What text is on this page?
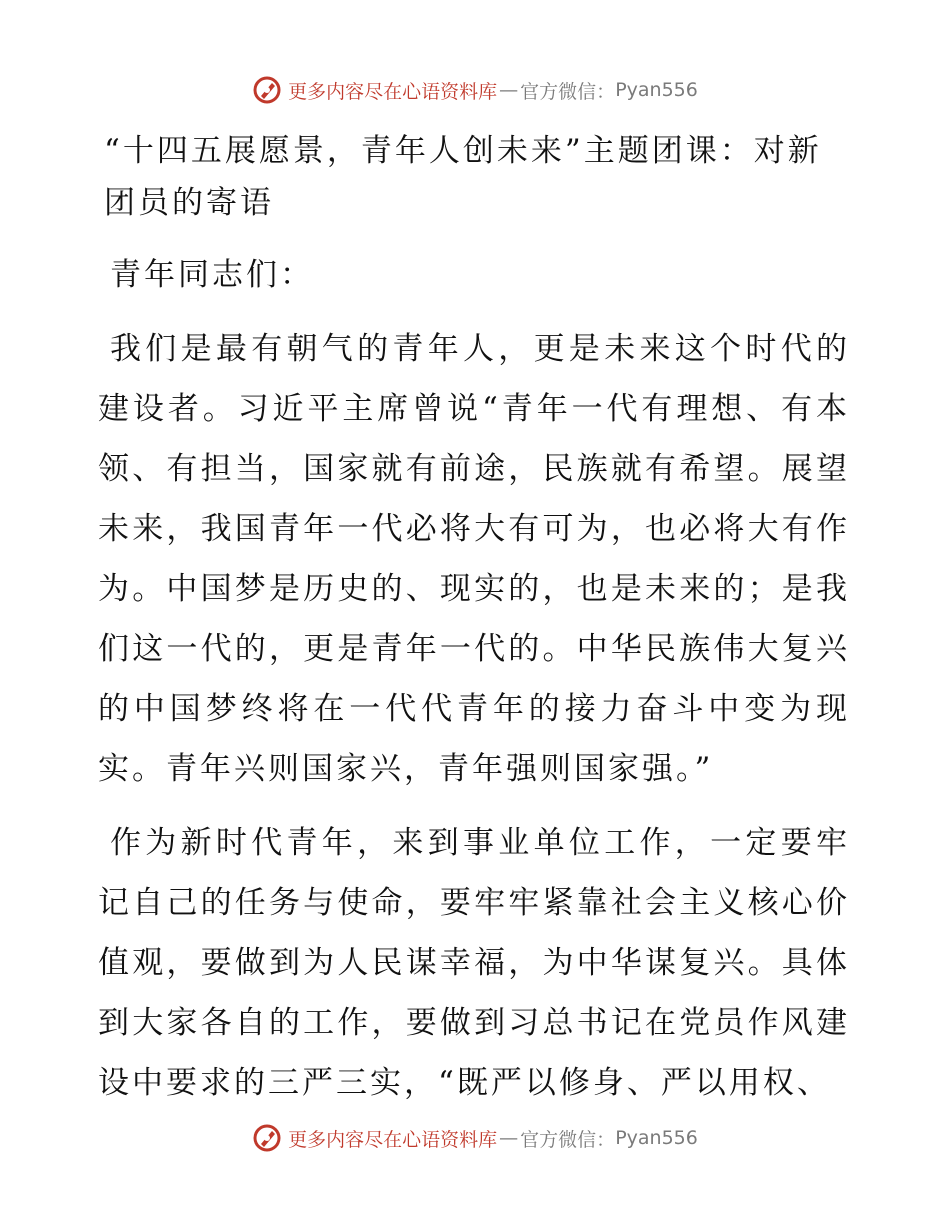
更多内容尽在心语资料库 — 官方微信： Pyan556
“十四五展愿景，青年人创未来”主题团课：对新团员的寄语

青年同志们：

我们是最有朝气的青年人，更是未来这个时代的建设者。习近平主席曾说“青年一代有理想、有本领、有担当，国家就有前途，民族就有希望。展望未来，我国青年一代必将大有可为，也必将大有作为。中国梦是历史的、现实的，也是未来的；是我们这一代的，更是青年一代的。中华民族伟大复兴的中国梦终将在一代代青年的接力奋斗中变为现实。青年兴则国家兴，青年强则国家强。”

作为新时代青年，来到事业单位工作，一定要牢记自己的任务与使命，要牢牢紧靠社会主义核心价值观，要做到为人民谋幸福，为中华谋复兴。具体到大家各自的工作，要做到习总书记在党员作风建设中要求的三严三实，“既严以修身、严以用权、

更多内容尽在心语资料库 — 官方微信： Pyan556
